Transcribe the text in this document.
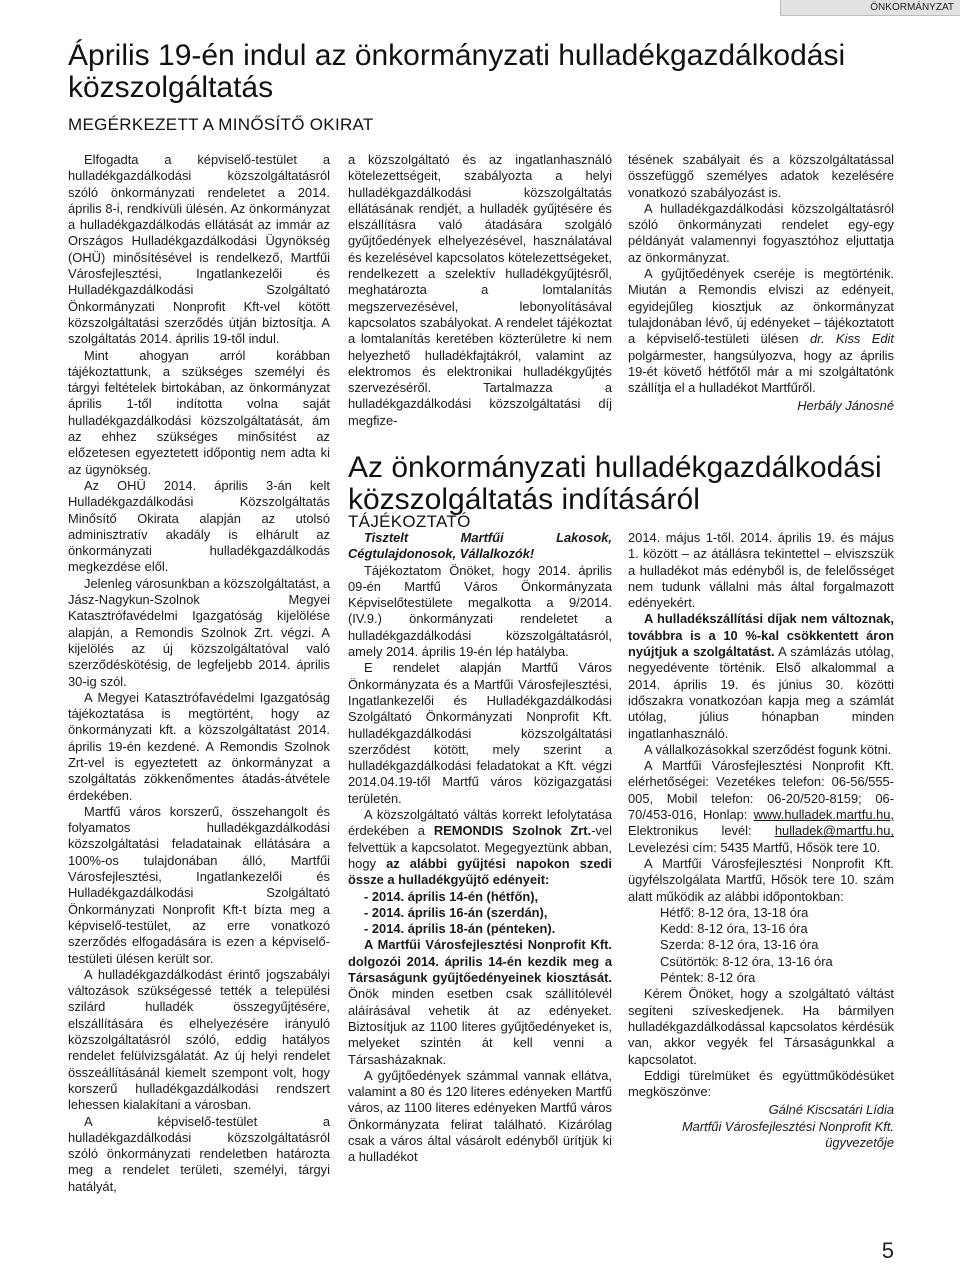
ÖNKORMÁNYZAT
Április 19-én indul az önkormányzati hulladékgazdálkodási közszolgáltatás
MEGÉRKEZETT A MINŐSÍTŐ OKIRAT

Elfogadta a képviselő-testület a hulladékgazdálkodási közszolgáltatásról szóló önkormányzati rendeletet a 2014. április 8-i, rendkívüli ülésén. Az önkormányzat a hulladékgazdálkodás ellátását az immár az Országos Hulladékgazdálkodási Ügynökség (OHÜ) minősítésével is rendelkező, Martfűi Városfejlesztési, Ingatlankezelői és Hulladékgazdálkodási Szolgáltató Önkormányzati Nonprofit Kft-vel kötött közszolgáltatási szerződés útján biztosítja. A szolgáltatás 2014. április 19-től indul.

Mint ahogyan arról korábban tájékoztattunk, a szükséges személyi és tárgyi feltételek birtokában, az önkormányzat április 1-től indította volna saját hulladékgazdálkodási közszolgáltatását, ám az ehhez szükséges minősítést az előzetesen egyeztetett időpontig nem adta ki az ügynökség.

Az OHÜ 2014. április 3-án kelt Hulladékgazdálkodási Közszolgáltatás Minősítő Okirata alapján az utolsó adminisztratív akadály is elhárult az önkormányzati hulladékgazdálkodás megkezdése elől.

Jelenleg városunkban a közszolgáltatást, a Jász-Nagykun-Szolnok Megyei Katasztrófavédelmi Igazgatóság kijelölése alapján, a Remondis Szolnok Zrt. végzi. A kijelölés az új közszolgáltatóval való szerződéskötésig, de legfeljebb 2014. április 30-ig szól.

A Megyei Katasztrófavédelmi Igazgatóság tájékoztatása is megtörtént, hogy az önkormányzati kft. a közszolgáltatást 2014. április 19-én kezdené. A Remondis Szolnok Zrt-vel is egyeztetett az önkormányzat a szolgáltatás zökkenőmentes átadás-átvétele érdekében.

Martfű város korszerű, összehangolt és folyamatos hulladékgazdálkodási közszolgáltatási feladatainak ellátására a 100%-os tulajdonában álló, Martfűi Városfejlesztési, Ingatlankezelői és Hulladékgazdálkodási Szolgáltató Önkormányzati Nonprofit Kft-t bízta meg a képviselő-testület, az erre vonatkozó szerződés elfogadására is ezen a képviselő-testületi ülésen került sor.

A hulladékgazdálkodást érintő jogszabályi változások szükségessé tették a települési szilárd hulladék összegyűjtésére, elszállítására és elhelyezésére irányuló közszolgáltatásról szóló, eddig hatályos rendelet felülvizsgálatát. Az új helyi rendelet összeállításánál kiemelt szempont volt, hogy korszerű hulladékgazdálkodási rendszert lehessen kialakítani a városban.

A képviselő-testület a hulladékgazdálkodási közszolgáltatásról szóló önkormányzati rendeletben határozta meg a rendelet területi, személyi, tárgyi hatályát,

a közszolgáltató és az ingatlanhasználó kötelezettségeit, szabályozta a helyi hulladékgazdálkodási közszolgáltatás ellátásának rendjét, a hulladék gyűjtésére és elszállításra való átadására szolgáló gyűjtőedények elhelyezésével, használatával és kezelésével kapcsolatos kötelezettségeket, rendelkezett a szelektív hulladékgyűjtésről, meghatározta a lomtalanítás megszervezésével, lebonyolításával kapcsolatos szabályokat. A rendelet tájékoztat a lomtalanítás keretében közterületre ki nem helyezhető hulladékfajtákról, valamint az elektromos és elektronikai hulladékgyűjtés szervezéséről. Tartalmazza a hulladékgazdálkodási közszolgáltatási díj megfize-

tésének szabályait és a közszolgáltatással összefüggő személyes adatok kezelésére vonatkozó szabályozást is.

A hulladékgazdálkodási közszolgáltatásról szóló önkormányzati rendelet egy-egy példányát valamennyi fogyasztóhoz eljuttatja az önkormányzat.

A gyűjtőedények cseréje is megtörténik. Miután a Remondis elviszi az edényeit, egyidejűleg kiosztjuk az önkormányzat tulajdonában lévő, új edényeket – tájékoztatott a képviselő-testületi ülésen dr. Kiss Edit polgármester, hangsúlyozva, hogy az április 19-ét követő hétfőtől már a mi szolgáltatónk szállítja el a hulladékot Martfűről.

Herbály Jánosné

Az önkormányzati hulladékgazdálkodási közszolgáltatás indításáról
TÁJÉKOZTATÓ

Tisztelt Martfűi Lakosok, Cégtulajdonosok, Vállalkozók!

Tájékoztatom Önöket, hogy 2014. április 09-én Martfű Város Önkormányzata Képviselőtestülete megalkotta a 9/2014. (IV.9.) önkormányzati rendeletet a hulladékgazdálkodási közszolgáltatásról, amely 2014. április 19-én lép hatályba.

E rendelet alapján Martfű Város Önkormányzata és a Martfűi Városfejlesztési, Ingatlankezelői és Hulladékgazdálkodási Szolgáltató Önkormányzati Nonprofit Kft. hulladékgazdálkodási közszolgáltatási szerződést kötött, mely szerint a hulladékgazdálkodási feladatokat a Kft. végzi 2014.04.19-től Martfű város közigazgatási területén.

A közszolgáltató váltás korrekt lefolytatása érdekében a REMONDIS Szolnok Zrt.-vel felvettük a kapcsolatot. Megegyeztünk abban, hogy az alábbi gyűjtési napokon szedi össze a hulladékgyűjtő edényeit:

- 2014. április 14-én (hétfőn),

- 2014. április 16-án (szerdán),

- 2014. április 18-án (pénteken).

A Martfűi Városfejlesztési Nonprofit Kft. dolgozói 2014. április 14-én kezdik meg a Társaságunk gyűjtőedényeinek kiosztását. Önök minden esetben csak szállítólevél aláírásával vehetik át az edényeket. Biztosítjuk az 1100 literes gyűjtőedényeket is, melyeket szintén át kell venni a Társasházaknak.

A gyűjtőedények számmal vannak ellátva, valamint a 80 és 120 literes edényeken Martfű város, az 1100 literes edényeken Martfű város Önkormányzata felirat található. Kizárólag csak a város által vásárolt edényből ürítjük ki a hulladékot

2014. május 1-től. 2014. április 19. és május 1. között – az átállásra tekintettel – elviszszük a hulladékot más edényből is, de felelősséget nem tudunk vállalni más által forgalmazott edényekért.

A hulladékszállítási díjak nem változnak, továbbra is a 10 %-kal csökkentett áron nyújtjuk a szolgáltatást. A számlázás utólag, negyedévente történik. Első alkalommal a 2014. április 19. és június 30. közötti időszakra vonatkozóan kapja meg a számlát utólag, július hónapban minden ingatlanhasználó.

A vállalkozásokkal szerződést fogunk kötni.

A Martfűi Városfejlesztési Nonprofit Kft. elérhetőségei: Vezetékes telefon: 06-56/555-005, Mobil telefon: 06-20/520-8159; 06-70/453-016, Honlap: www.hulladek.martfu.hu, Elektronikus levél: hulladek@martfu.hu, Levelezési cím: 5435 Martfű, Hősök tere 10.

A Martfűi Városfejlesztési Nonprofit Kft. ügyfélszolgálata Martfű, Hősök tere 10. szám alatt működik az alábbi időpontokban:

Hétfő: 8-12 óra, 13-18 óra

Kedd: 8-12 óra, 13-16 óra

Szerda: 8-12 óra, 13-16 óra

Csütörtök: 8-12 óra, 13-16 óra

Péntek: 8-12 óra

Kérem Önöket, hogy a szolgáltató váltást segíteni szíveskedjenek. Ha bármilyen hulladékgazdálkodással kapcsolatos kérdésük van, akkor vegyék fel Társaságunkkal a kapcsolatot.

Eddigi türelmüket és együttműködésüket megköszönve:

Gálné Kiscsatári Lídia

Martfűi Városfejlesztési Nonprofit Kft.

ügyvezetője

5
